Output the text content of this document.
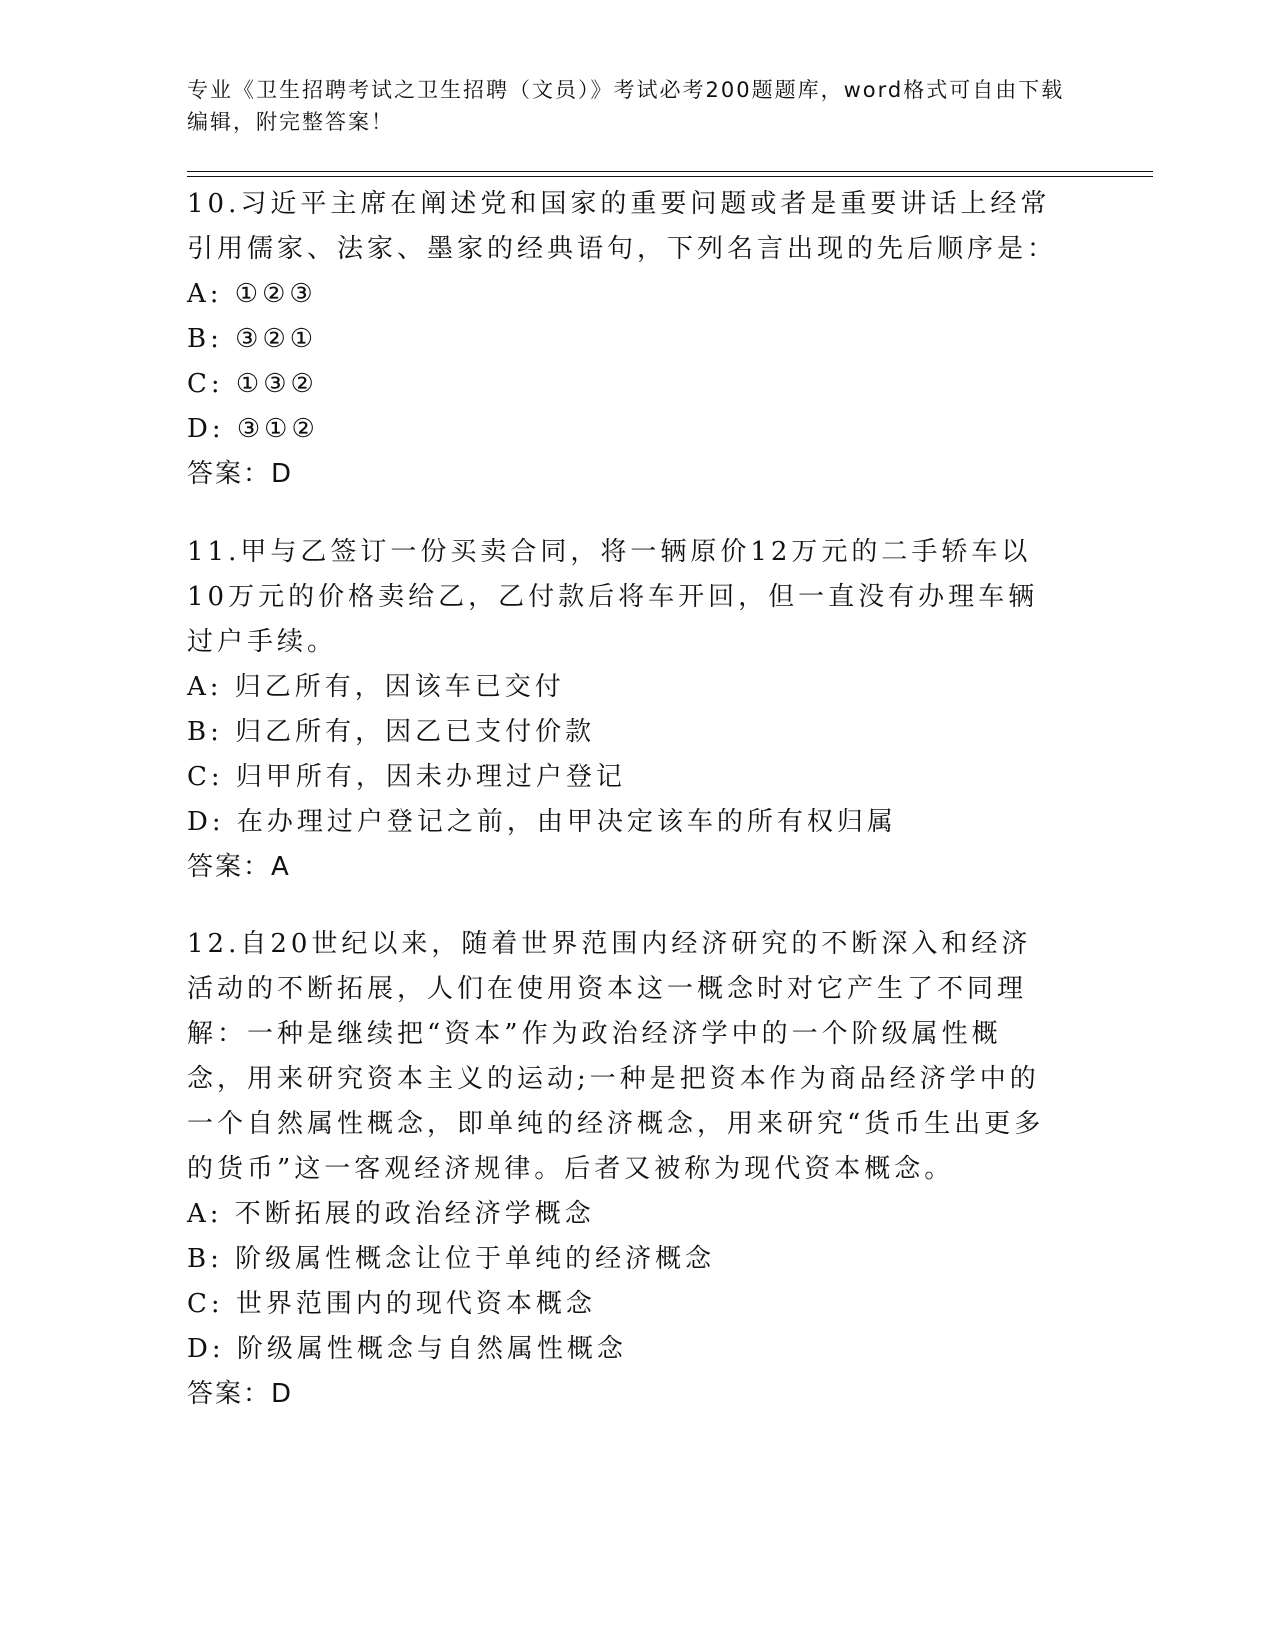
专业《卫生招聘考试之卫生招聘（文员）》考试必考200题题库，word格式可自由下载编辑，附完整答案！

10.习近平主席在阐述党和国家的重要问题或者是重要讲话上经常引用儒家、法家、墨家的经典语句，下列名言出现的先后顺序是：

A: ①②③

B: ③②①

C: ①③②

D: ③①②

答案：D

11.甲与乙签订一份买卖合同，将一辆原价12万元的二手轿车以10万元的价格卖给乙，乙付款后将车开回，但一直没有办理车辆过户手续。

A: 归乙所有，因该车已交付

B: 归乙所有，因乙已支付价款

C: 归甲所有，因未办理过户登记

D: 在办理过户登记之前，由甲决定该车的所有权归属

答案：A

12.自20世纪以来，随着世界范围内经济研究的不断深入和经济活动的不断拓展，人们在使用资本这一概念时对它产生了不同理解：一种是继续把“资本”作为政治经济学中的一个阶级属性概念，用来研究资本主义的运动;一种是把资本作为商品经济学中的一个自然属性概念，即单纯的经济概念，用来研究“货币生出更多的货币”这一客观经济规律。后者又被称为现代资本概念。

A: 不断拓展的政治经济学概念

B: 阶级属性概念让位于单纯的经济概念

C: 世界范围内的现代资本概念

D: 阶级属性概念与自然属性概念

答案：D
